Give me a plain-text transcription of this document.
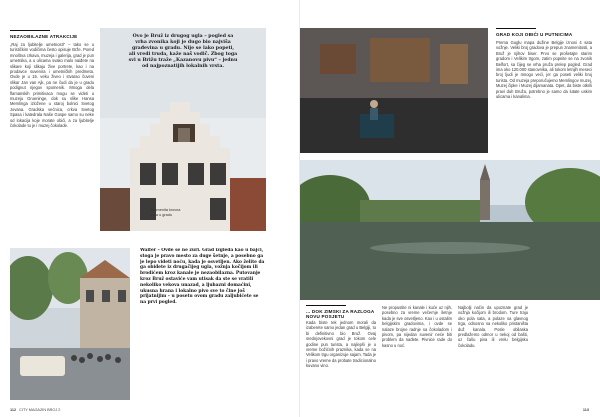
NEZAOBILAZNE ATRAKCIJE
„Raj za ljubitelje umetnosti“ – tako se u turističkim vodičima često opisuje Brže. Pored mnoštva crkava, muzeja i galerija, grad je pun umetnika, a u ulicama svako malo naiđete na slikare koji slikaju žive portrete, kao i na prodavce suvenira i umetničkih predmeta. Ovde je u 15. veku živeo i stvarao čuveni slikar Jan van Ajk, pa ne čudi da je u gradu podignut njegov spomenik. Mnoga dela flamanskih primitivaca mogu se videti u muzeju Grueninge, dok su slike Hansa Memlinga izložene u staroj bolnici Svetog Jovana. Gradska većnica, crkva Svetog Spasa i katedrala Naše Gospe samo su neke od lokacija koje morate obići, a za ljubitelje čokolade tu je i muzej čokolade.
Ovo je Bruž iz drugog ugla – pogled sa vrha zvonika koji je dugo bio najviša građevina u gradu. Nije se lako popeti, ali vredi truda, kaže naš vodič. Zbog toga svi u Brižu traže „Kazanovu pivu“ – jednu od najpoznatijih lokalnih vrsta.
Znamenita krovna kuća u gradu
Walfer – Ovde se ne žuri. Grad izgleda kao u bajci, stoga je pravo mesto za duge šetnje, a posebno ga je lepo videti noću, kada je osvetljen. Ako želite da ga obiđete iz drugačijeg ugla, vožnja kočijom ili brodićem kroz kanale je nezaobilazna. Putovanje kroz Bruž ostaviće vam utisak da ste se vratili nekoliko vekova unazad, a ljubazni domaćini, ukusna hrana i lokalno pivo sve to čine još prijatnijim – u posetu ovom gradu zaljubićete se na prvi pogled.
112 CITY MAGAZIN BROJ 2
GRAD KOJI OBIĆI U PUTNICIMA
Prema Guglu mapa dužine Belgije iznosi 4 sata vožnje. Veliki broj gradova je prepun znamenitosti, a Bruž je njihov biser. Prvo se prošetajte starim gradom i Velikim trgom, zatim popnite se na zvonik Belfort, sa čijeg se vrha pruža prelep pogled. Grad ima oko 120.000 stanovnika, ali tokom letnjih meseci broj ljudi je mnogo veći, jer ga poseti veliki broj turista. Od muzeja preporučujemo Memlingov muzej, Muzej čipke i Muzej dijamanata. Opet, da biste otkrili pravi duh Bruža, potrebno je samo da lutate uskim ulicama i kanalima.
... DOK ZIMSKI ZA RAZLOGA NOVU POSJETU
Kada biste tek jednom morali da izaberete samo jedan grad u Belgiji, to bi definitivno bio Bruž. Ovaj srednjovekovni grad je tokom cele godine pun turista, a najlepši je u vreme božićnih praznika, kada se na Velikom trgu organizuje sajam. Tada je i pravo vreme da probate tradicionalno kuvano vino.
Ne propustite ni kanale i kuće uz njih, posebno za vreme večernje šetnje kada je sve osvetljeno. Kao i u ostalim belgijskim gradovima, i ovde se nalaze brojne radnje sa čokoladom i pivom, pa nijedan suvenir neće biti problem da nađete. Pivnice rade do kasno u noć.
Najbolji način da upoznate grad je vožnja kočijom ili brodom. Ture traju oko pola sata, a polaze sa glavnog trga, odnosno sa nekoliko pristaništa duž kanala. Posle obilaska predlažemo odmor u nekoj od bašti, uz čašu piva ili vrelu belgijsku čokoladu.
113
